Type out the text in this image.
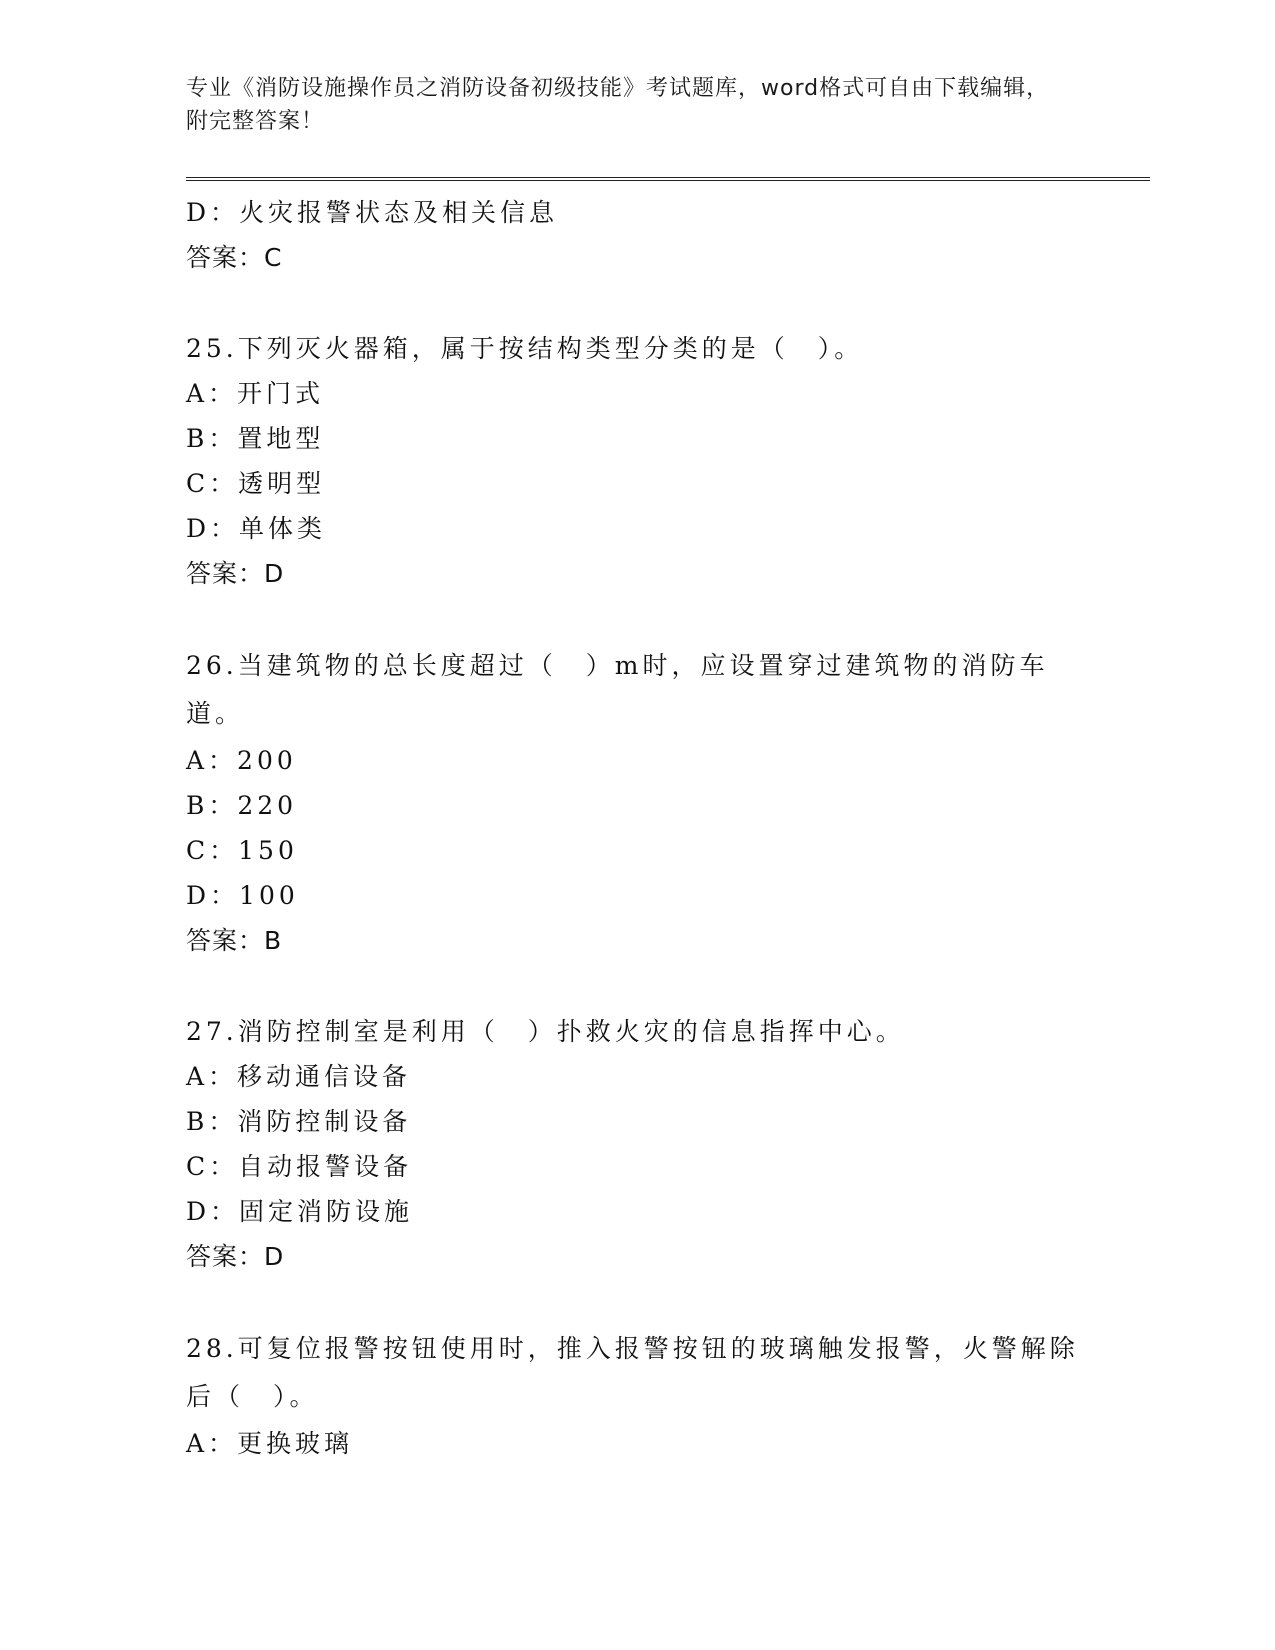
专业《消防设施操作员之消防设备初级技能》考试题库，word格式可自由下载编辑，附完整答案！
D：火灾报警状态及相关信息
答案：C
25.下列灭火器箱，属于按结构类型分类的是（　）。
A：开门式
B：置地型
C：透明型
D：单体类
答案：D
26.当建筑物的总长度超过（　）m时，应设置穿过建筑物的消防车道。
A：200
B：220
C：150
D：100
答案：B
27.消防控制室是利用（　）扑救火灾的信息指挥中心。
A：移动通信设备
B：消防控制设备
C：自动报警设备
D：固定消防设施
答案：D
28.可复位报警按钮使用时，推入报警按钮的玻璃触发报警，火警解除后（　）。
A：更换玻璃
